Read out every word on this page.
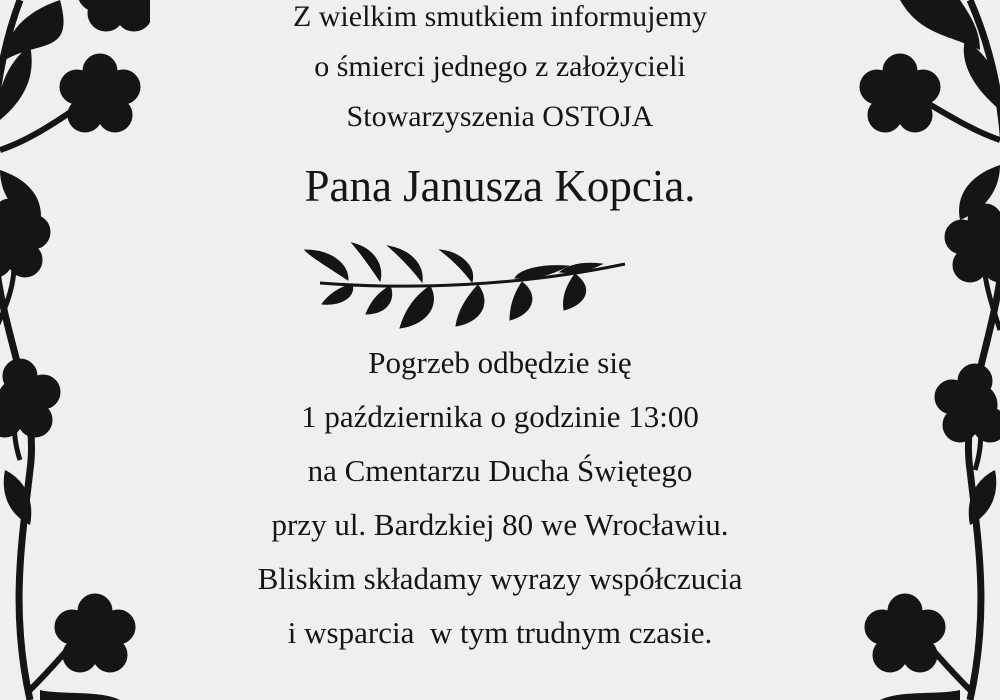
Z wielkim smutkiem informujemy
o śmierci jednego z założycieli
Stowarzyszenia OSTOJA
Pana Janusza Kopcia.
Pogrzeb odbędzie się
1 października o godzinie 13:00
na Cmentarzu Ducha Świętego
przy ul. Bardzkiej 80 we Wrocławiu.
Bliskim składamy wyrazy współczucia
i wsparcia  w tym trudnym czasie.
